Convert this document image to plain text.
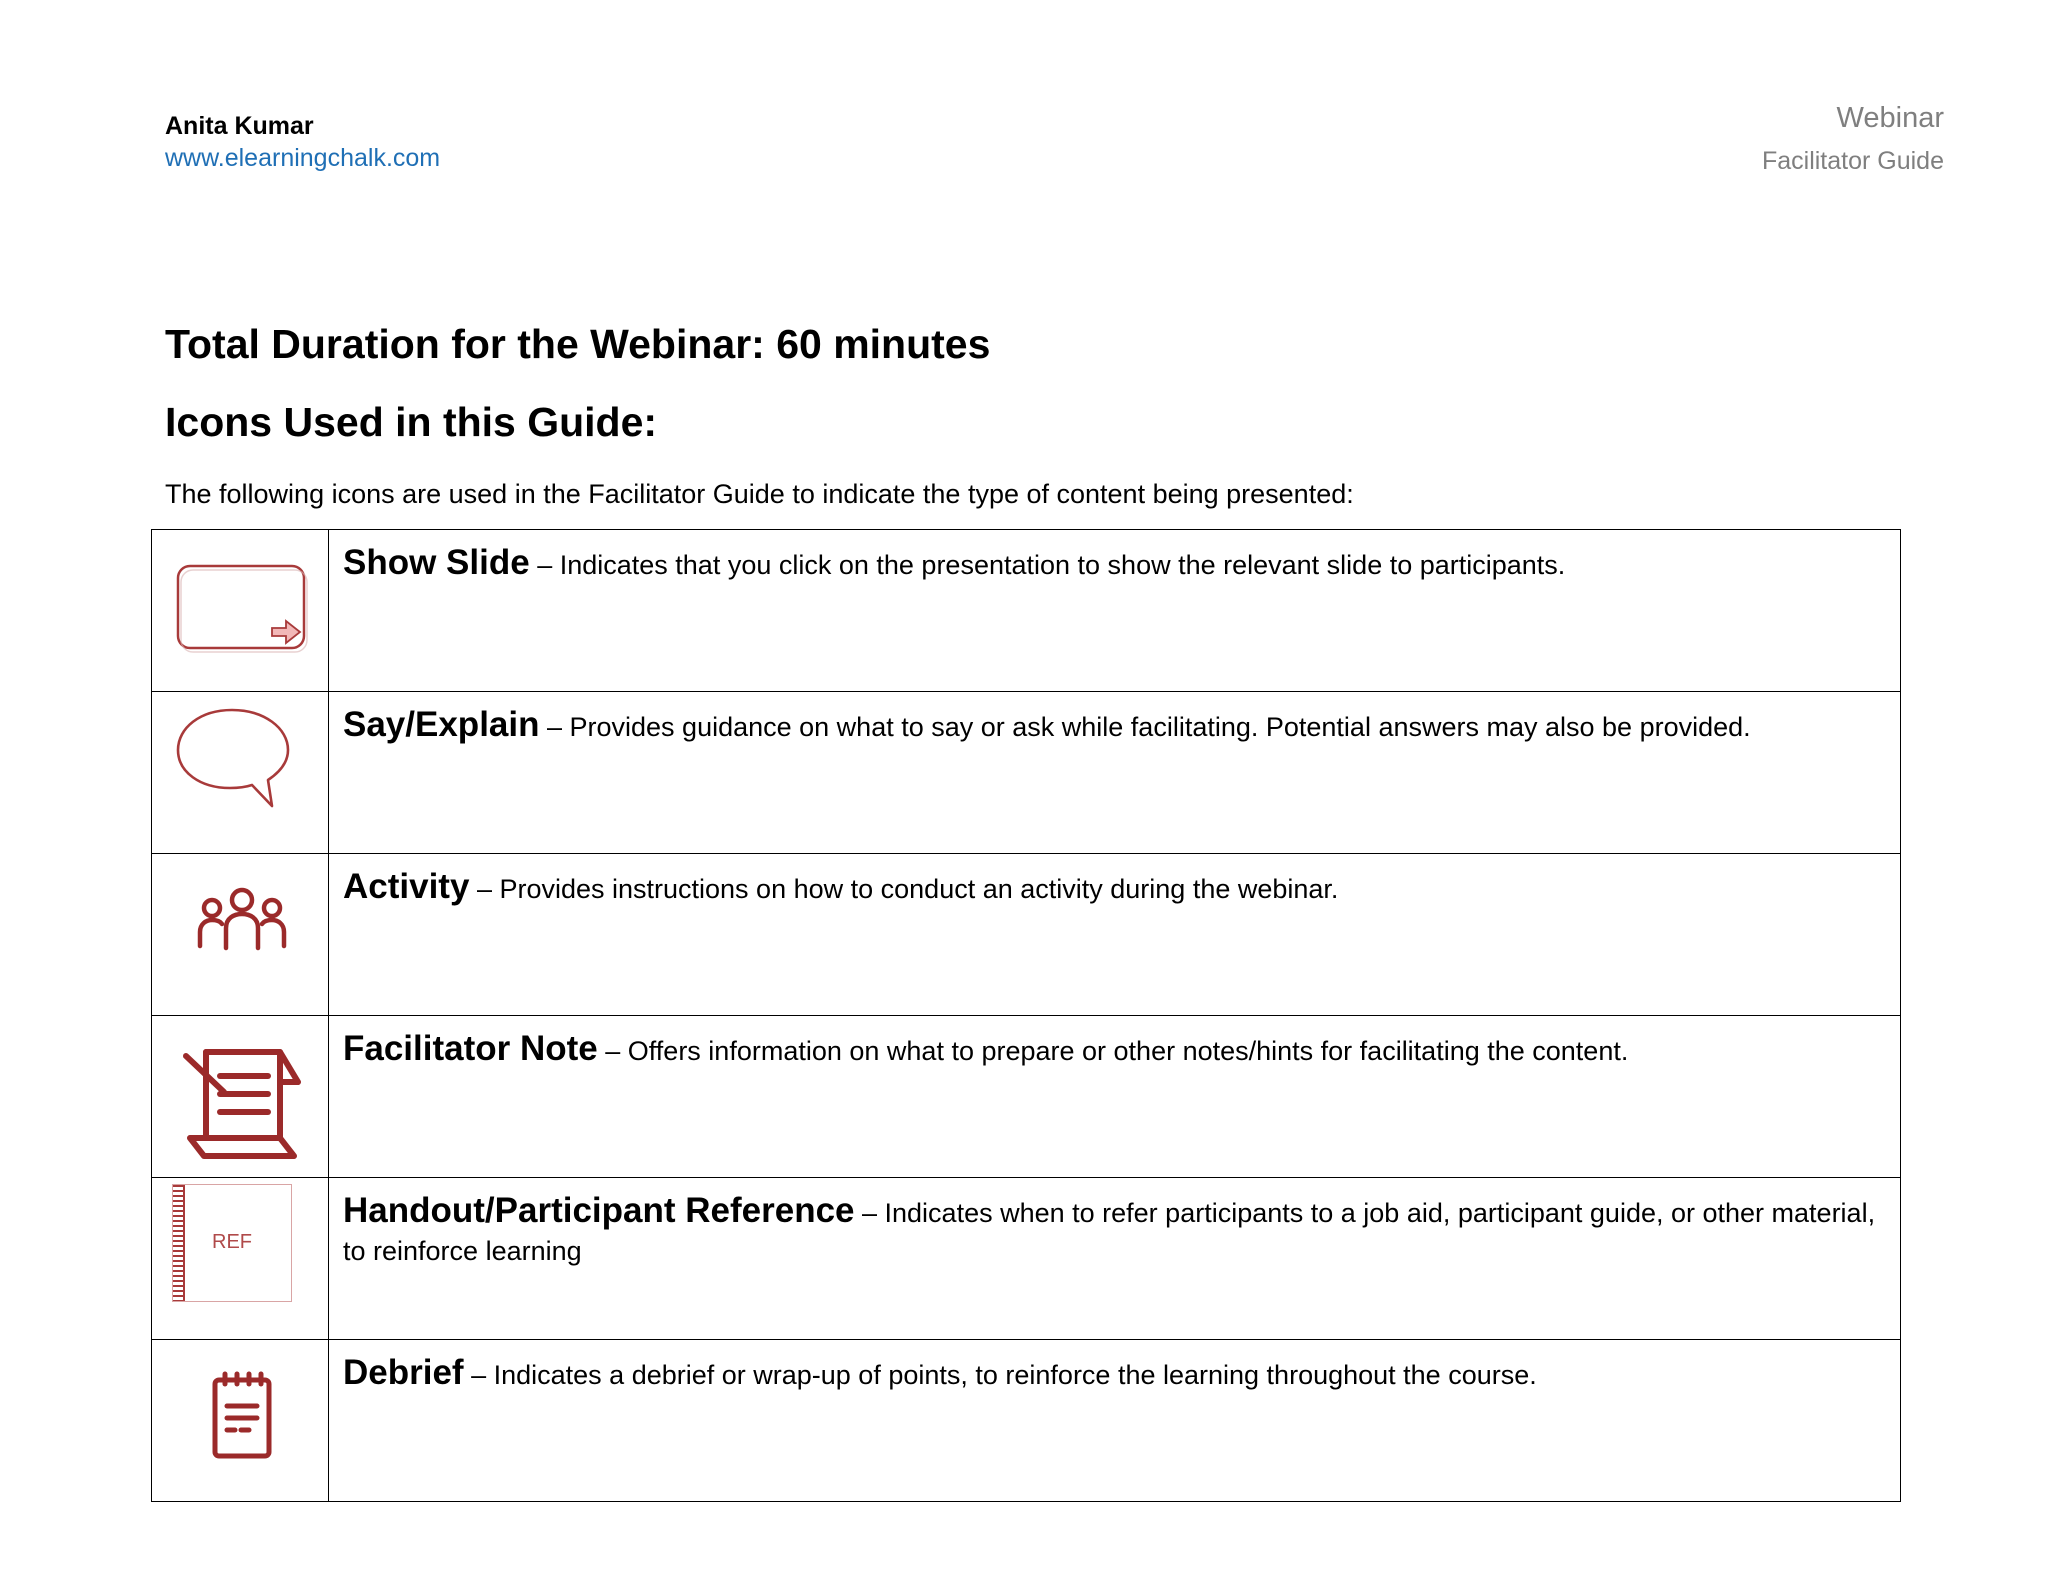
Anita Kumar
www.elearningchalk.com
Webinar
Facilitator Guide
Total Duration for the Webinar: 60 minutes
Icons Used in this Guide:
The following icons are used in the Facilitator Guide to indicate the type of content being presented:
	Show Slide – Indicates that you click on the presentation to show the relevant slide to participants.

	Say/Explain – Provides guidance on what to say or ask while facilitating. Potential answers may also be provided.

	Activity – Provides instructions on how to conduct an activity during the webinar.

	Facilitator Note – Offers information on what to prepare or other notes/hints for facilitating the content.

REF	Handout/Participant Reference – Indicates when to refer participants to a job aid, participant guide, or other material, to reinforce learning

	Debrief – Indicates a debrief or wrap-up of points, to reinforce the learning throughout the course.
